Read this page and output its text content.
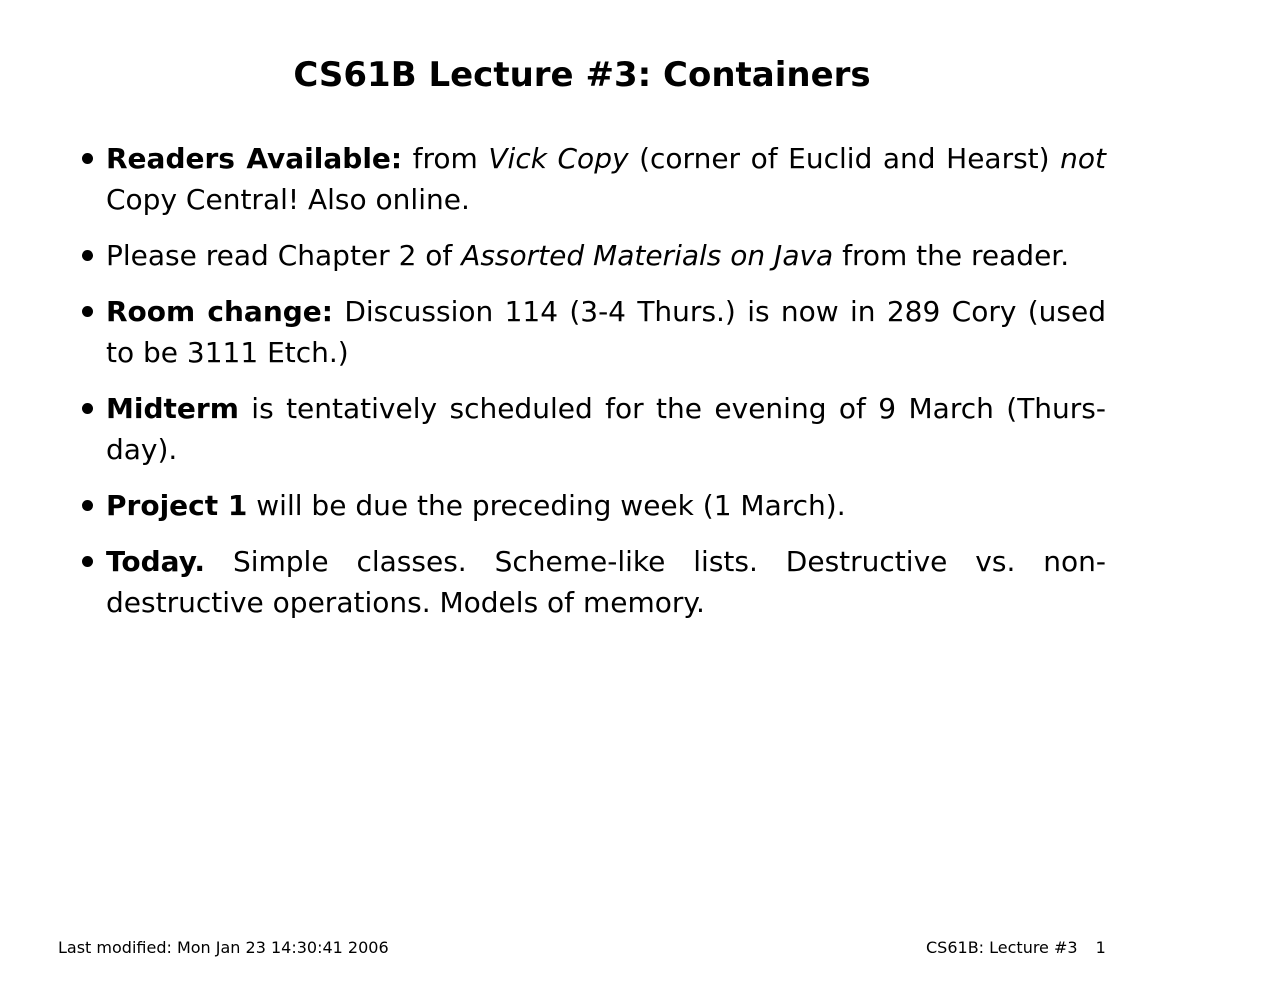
CS61B Lecture #3: Containers
Readers Available: from Vick Copy (corner of Euclid and Hearst) not Copy Central! Also online.
Please read Chapter 2 of Assorted Materials on Java from the reader.
Room change: Discussion 114 (3-4 Thurs.) is now in 289 Cory (used to be 3111 Etch.)
Midterm is tentatively scheduled for the evening of 9 March (Thurs-day).
Project 1 will be due the preceding week (1 March).
Today. Simple classes. Scheme-like lists. Destructive vs. non-destructive operations. Models of memory.
Last modified: Mon Jan 23 14:30:41 2006	CS61B: Lecture #3 1
